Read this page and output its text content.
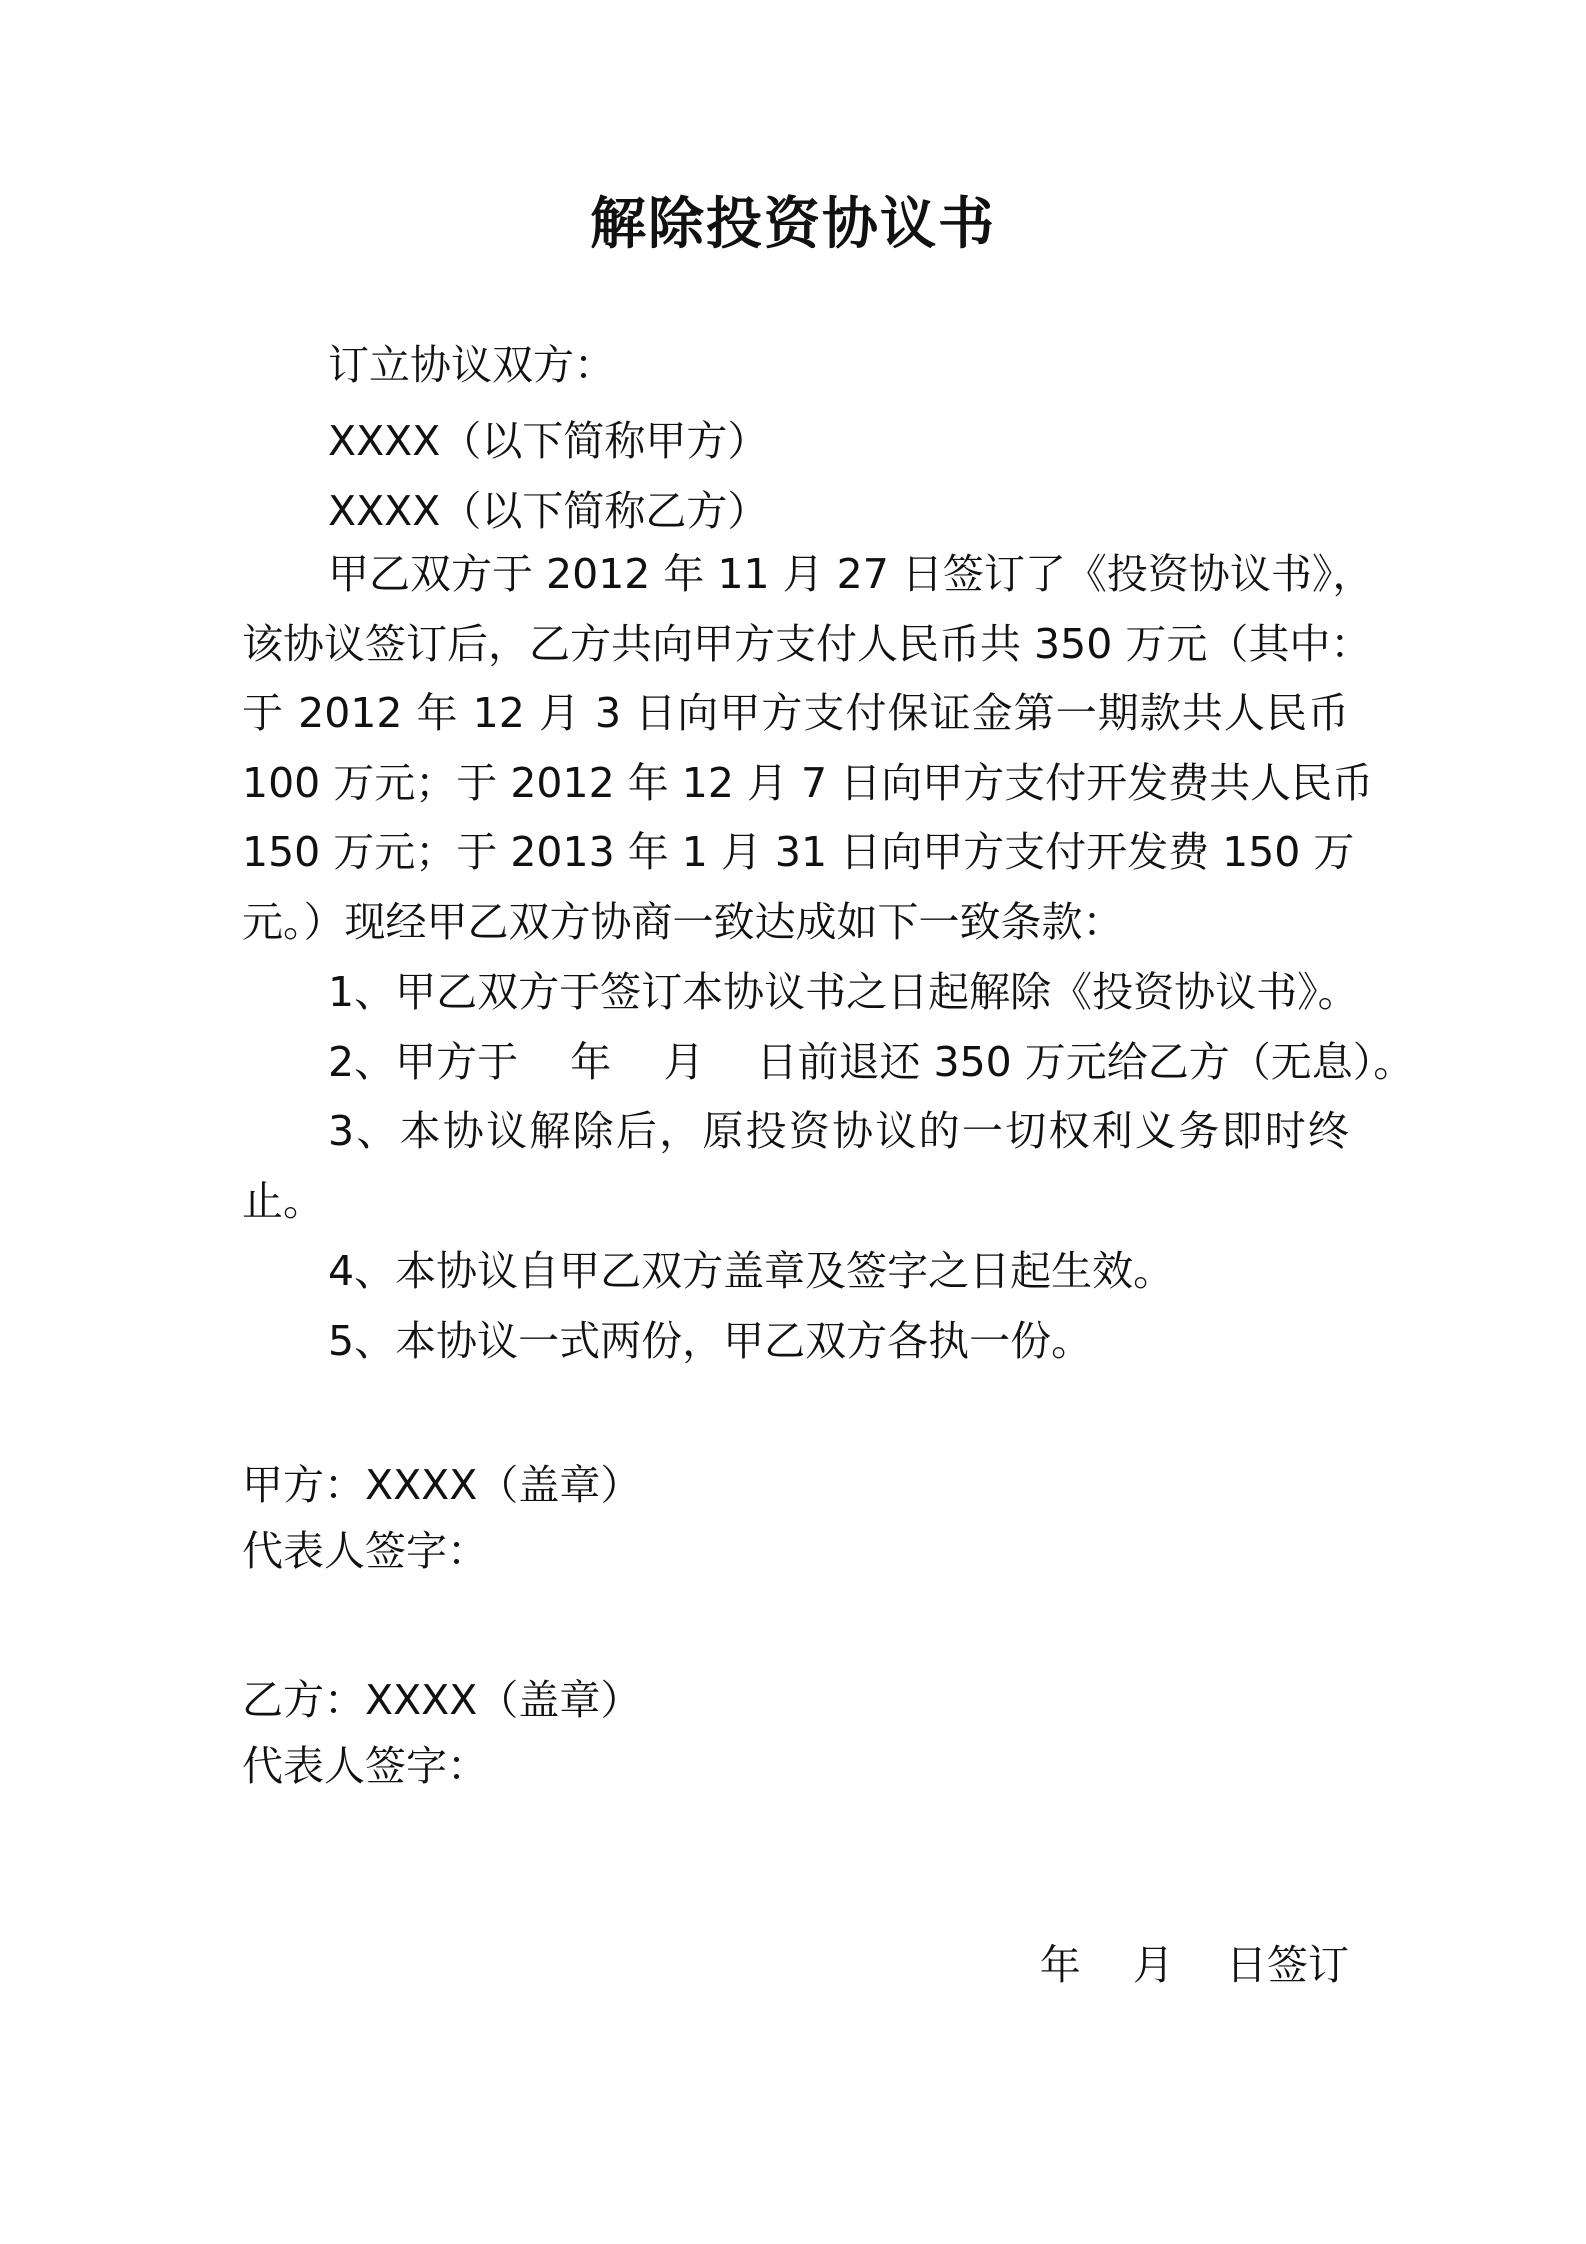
解除投资协议书
订立协议双方：
XXXX（以下简称甲方）
XXXX（以下简称乙方）
甲乙双方于 2012 年 11 月 27 日签订了《投资协议书》，
该协议签订后，乙方共向甲方支付人民币共 350 万元（其中：
于 2012 年 12 月 3 日向甲方支付保证金第一期款共人民币
100 万元；于 2012 年 12 月 7 日向甲方支付开发费共人民币
150 万元；于 2013 年 1 月 31 日向甲方支付开发费 150 万
元。）现经甲乙双方协商一致达成如下一致条款：
1、甲乙双方于签订本协议书之日起解除《投资协议书》。
2、甲方于    年    月    日前退还 350 万元给乙方（无息）。
3、本协议解除后，原投资协议的一切权利义务即时终
止。
4、本协议自甲乙双方盖章及签字之日起生效。
5、本协议一式两份，甲乙双方各执一份。
甲方：XXXX（盖章）
代表人签字：
乙方：XXXX（盖章）
代表人签字：
年    月    日签订
